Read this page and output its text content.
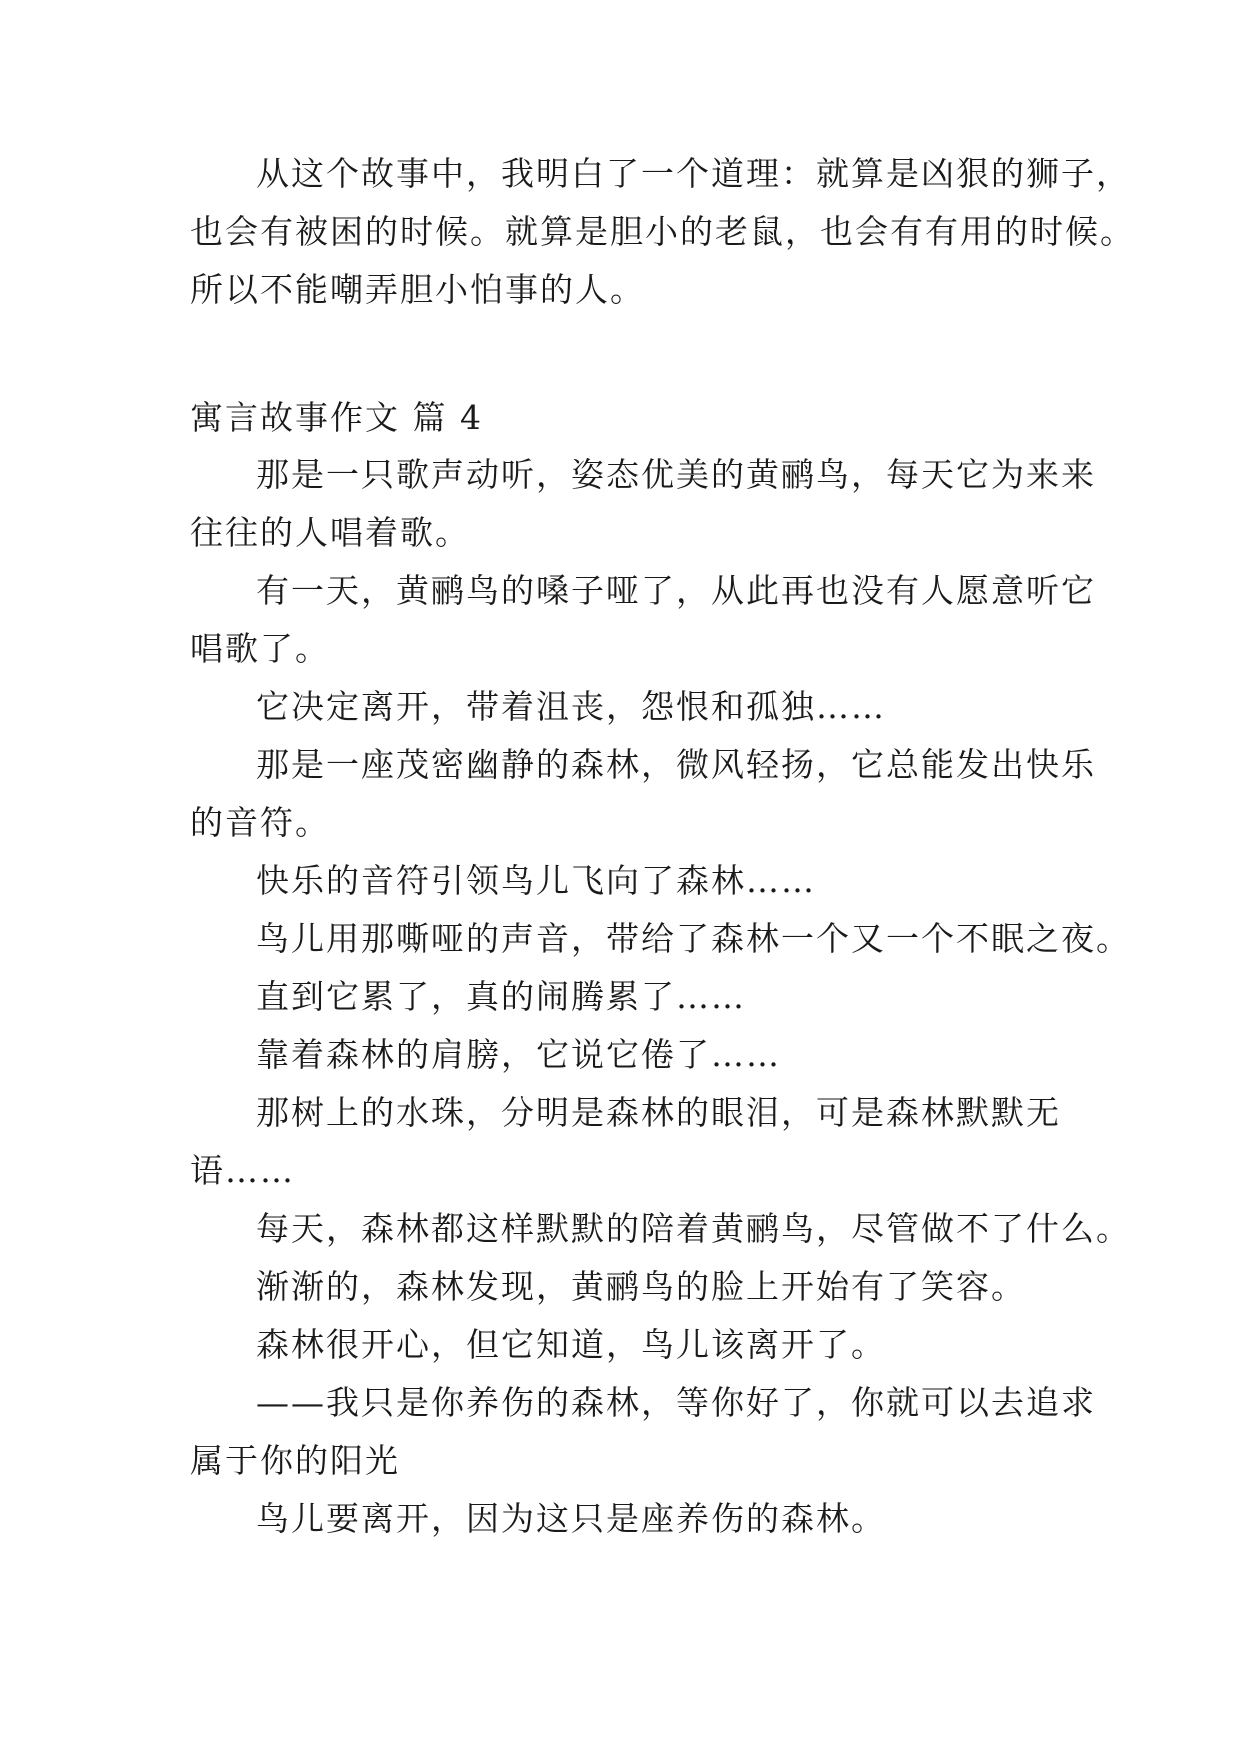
从这个故事中，我明白了一个道理：就算是凶狠的狮子，
也会有被困的时候。就算是胆小的老鼠，也会有有用的时候。
所以不能嘲弄胆小怕事的人。
寓言故事作文 篇 4
那是一只歌声动听，姿态优美的黄鹂鸟，每天它为来来
往往的人唱着歌。
有一天，黄鹂鸟的嗓子哑了，从此再也没有人愿意听它
唱歌了。
它决定离开，带着沮丧，怨恨和孤独……
那是一座茂密幽静的森林，微风轻扬，它总能发出快乐
的音符。
快乐的音符引领鸟儿飞向了森林……
鸟儿用那嘶哑的声音，带给了森林一个又一个不眠之夜。
直到它累了，真的闹腾累了……
靠着森林的肩膀，它说它倦了……
那树上的水珠，分明是森林的眼泪，可是森林默默无
语……
每天，森林都这样默默的陪着黄鹂鸟，尽管做不了什么。
渐渐的，森林发现，黄鹂鸟的脸上开始有了笑容。
森林很开心，但它知道，鸟儿该离开了。
——我只是你养伤的森林，等你好了，你就可以去追求
属于你的阳光
鸟儿要离开，因为这只是座养伤的森林。
